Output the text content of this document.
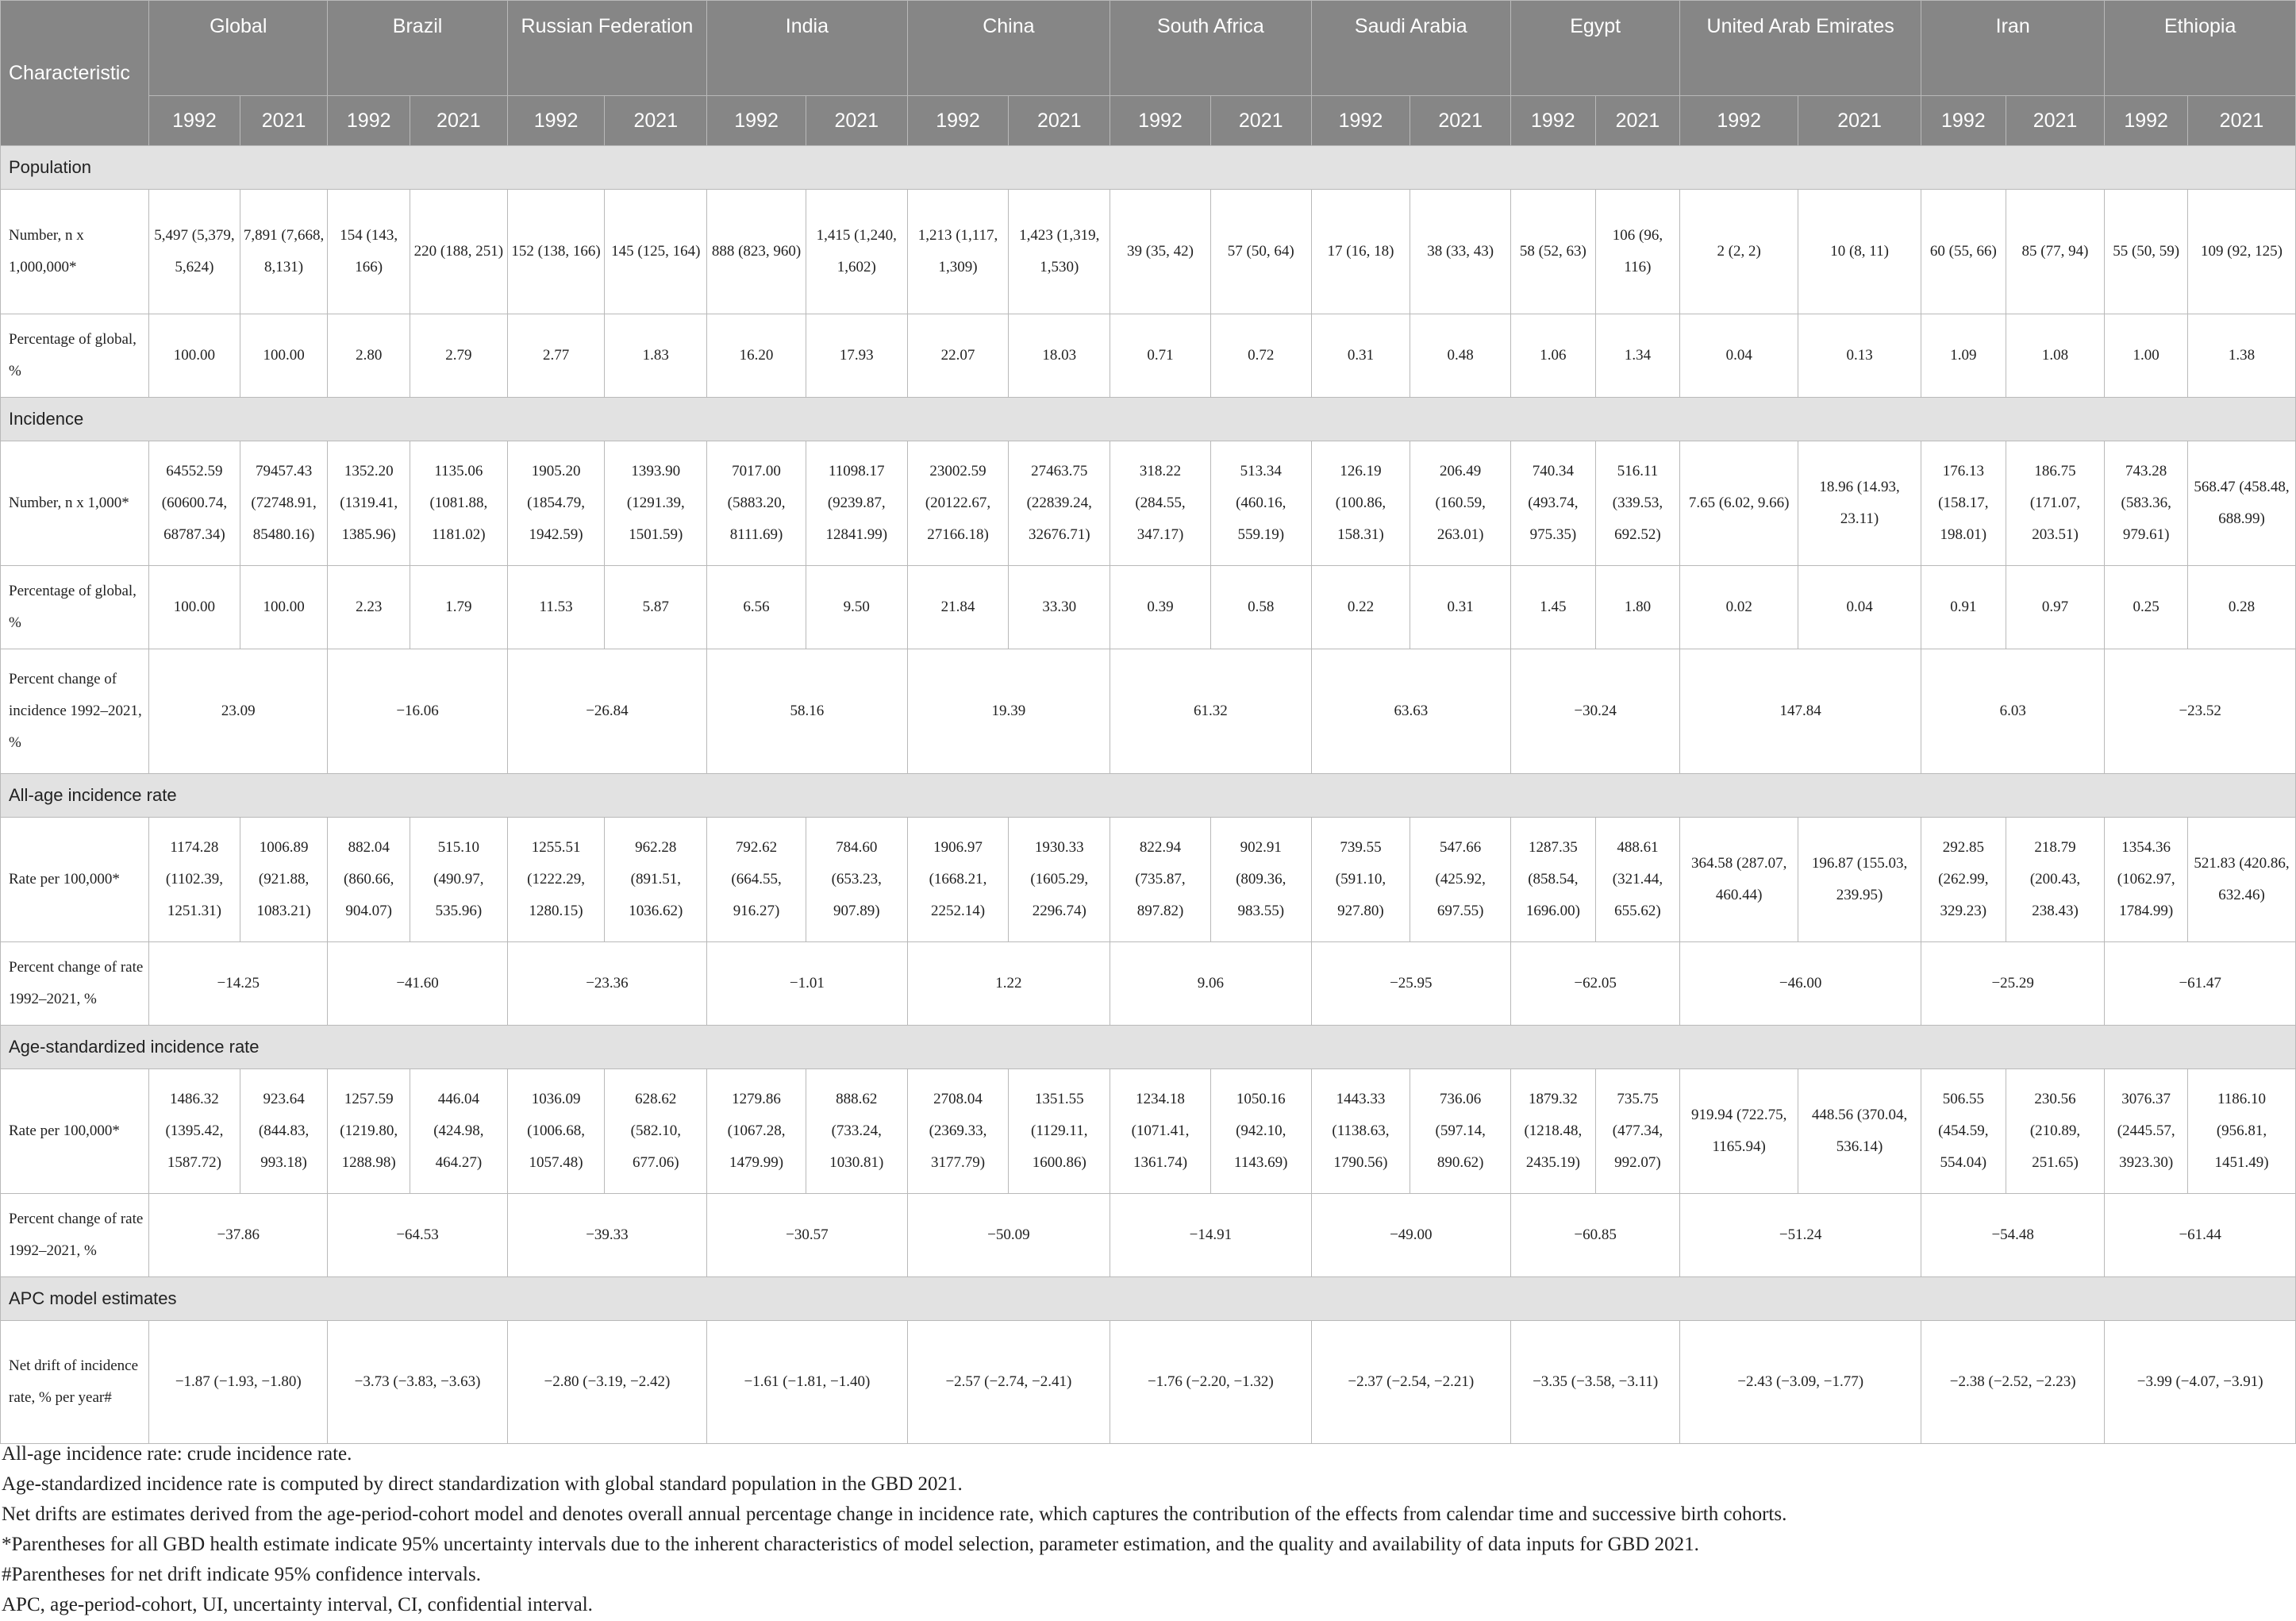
Characteristic	Global		Brazil		Russian Federation		India		China		South Africa		Saudi Arabia		Egypt		United Arab Emirates		Iran		Ethiopia	
	1992	2021	1992	2021	1992	2021	1992	2021	1992	2021	1992	2021	1992	2021	1992	2021	1992	2021	1992	2021	1992	2021
Population																						
Number, n x 1,000,000*	5,497 (5,379, 5,624)	7,891 (7,668, 8,131)	154 (143, 166)	220 (188, 251)	152 (138, 166)	145 (125, 164)	888 (823, 960)	1,415 (1,240, 1,602)	1,213 (1,117, 1,309)	1,423 (1,319, 1,530)	39 (35, 42)	57 (50, 64)	17 (16, 18)	38 (33, 43)	58 (52, 63)	106 (96, 116)	2 (2, 2)	10 (8, 11)	60 (55, 66)	85 (77, 94)	55 (50, 59)	109 (92, 125)
Percentage of global, %	100.00	100.00	2.80	2.79	2.77	1.83	16.20	17.93	22.07	18.03	0.71	0.72	0.31	0.48	1.06	1.34	0.04	0.13	1.09	1.08	1.00	1.38
Incidence																						
Number, n x 1,000*	64552.59 (60600.74, 68787.34)	79457.43 (72748.91, 85480.16)	1352.20 (1319.41, 1385.96)	1135.06 (1081.88, 1181.02)	1905.20 (1854.79, 1942.59)	1393.90 (1291.39, 1501.59)	7017.00 (5883.20, 8111.69)	11098.17 (9239.87, 12841.99)	23002.59 (20122.67, 27166.18)	27463.75 (22839.24, 32676.71)	318.22 (284.55, 347.17)	513.34 (460.16, 559.19)	126.19 (100.86, 158.31)	206.49 (160.59, 263.01)	740.34 (493.74, 975.35)	516.11 (339.53, 692.52)	7.65 (6.02, 9.66)	18.96 (14.93, 23.11)	176.13 (158.17, 198.01)	186.75 (171.07, 203.51)	743.28 (583.36, 979.61)	568.47 (458.48, 688.99)
Percentage of global, %	100.00	100.00	2.23	1.79	11.53	5.87	6.56	9.50	21.84	33.30	0.39	0.58	0.22	0.31	1.45	1.80	0.02	0.04	0.91	0.97	0.25	0.28
Percent change of incidence 1992–2021, %	23.09		−16.06		−26.84		58.16		19.39		61.32		63.63		−30.24		147.84		6.03		−23.52	
All-age incidence rate																						
Rate per 100,000*	1174.28 (1102.39, 1251.31)	1006.89 (921.88, 1083.21)	882.04 (860.66, 904.07)	515.10 (490.97, 535.96)	1255.51 (1222.29, 1280.15)	962.28 (891.51, 1036.62)	792.62 (664.55, 916.27)	784.60 (653.23, 907.89)	1906.97 (1668.21, 2252.14)	1930.33 (1605.29, 2296.74)	822.94 (735.87, 897.82)	902.91 (809.36, 983.55)	739.55 (591.10, 927.80)	547.66 (425.92, 697.55)	1287.35 (858.54, 1696.00)	488.61 (321.44, 655.62)	364.58 (287.07, 460.44)	196.87 (155.03, 239.95)	292.85 (262.99, 329.23)	218.79 (200.43, 238.43)	1354.36 (1062.97, 1784.99)	521.83 (420.86, 632.46)
Percent change of rate 1992–2021, %	−14.25		−41.60		−23.36		−1.01		1.22		9.06		−25.95		−62.05		−46.00		−25.29		−61.47	
Age-standardized incidence rate																						
Rate per 100,000*	1486.32 (1395.42, 1587.72)	923.64 (844.83, 993.18)	1257.59 (1219.80, 1288.98)	446.04 (424.98, 464.27)	1036.09 (1006.68, 1057.48)	628.62 (582.10, 677.06)	1279.86 (1067.28, 1479.99)	888.62 (733.24, 1030.81)	2708.04 (2369.33, 3177.79)	1351.55 (1129.11, 1600.86)	1234.18 (1071.41, 1361.74)	1050.16 (942.10, 1143.69)	1443.33 (1138.63, 1790.56)	736.06 (597.14, 890.62)	1879.32 (1218.48, 2435.19)	735.75 (477.34, 992.07)	919.94 (722.75, 1165.94)	448.56 (370.04, 536.14)	506.55 (454.59, 554.04)	230.56 (210.89, 251.65)	3076.37 (2445.57, 3923.30)	1186.10 (956.81, 1451.49)
Percent change of rate 1992–2021, %	−37.86		−64.53		−39.33		−30.57		−50.09		−14.91		−49.00		−60.85		−51.24		−54.48		−61.44	
APC model estimates																						
Net drift of incidence rate, % per year#	−1.87 (−1.93, −1.80)		−3.73 (−3.83, −3.63)		−2.80 (−3.19, −2.42)		−1.61 (−1.81, −1.40)		−2.57 (−2.74, −2.41)		−1.76 (−2.20, −1.32)		−2.37 (−2.54, −2.21)		−3.35 (−3.58, −3.11)		−2.43 (−3.09, −1.77)		−2.38 (−2.52, −2.23)		−3.99 (−4.07, −3.91)	
All-age incidence rate: crude incidence rate.
Age-standardized incidence rate is computed by direct standardization with global standard population in the GBD 2021.
Net drifts are estimates derived from the age-period-cohort model and denotes overall annual percentage change in incidence rate, which captures the contribution of the effects from calendar time and successive birth cohorts.
*Parentheses for all GBD health estimate indicate 95% uncertainty intervals due to the inherent characteristics of model selection, parameter estimation, and the quality and availability of data inputs for GBD 2021.
#Parentheses for net drift indicate 95% confidence intervals.
APC, age-period-cohort, UI, uncertainty interval, CI, confidential interval.
